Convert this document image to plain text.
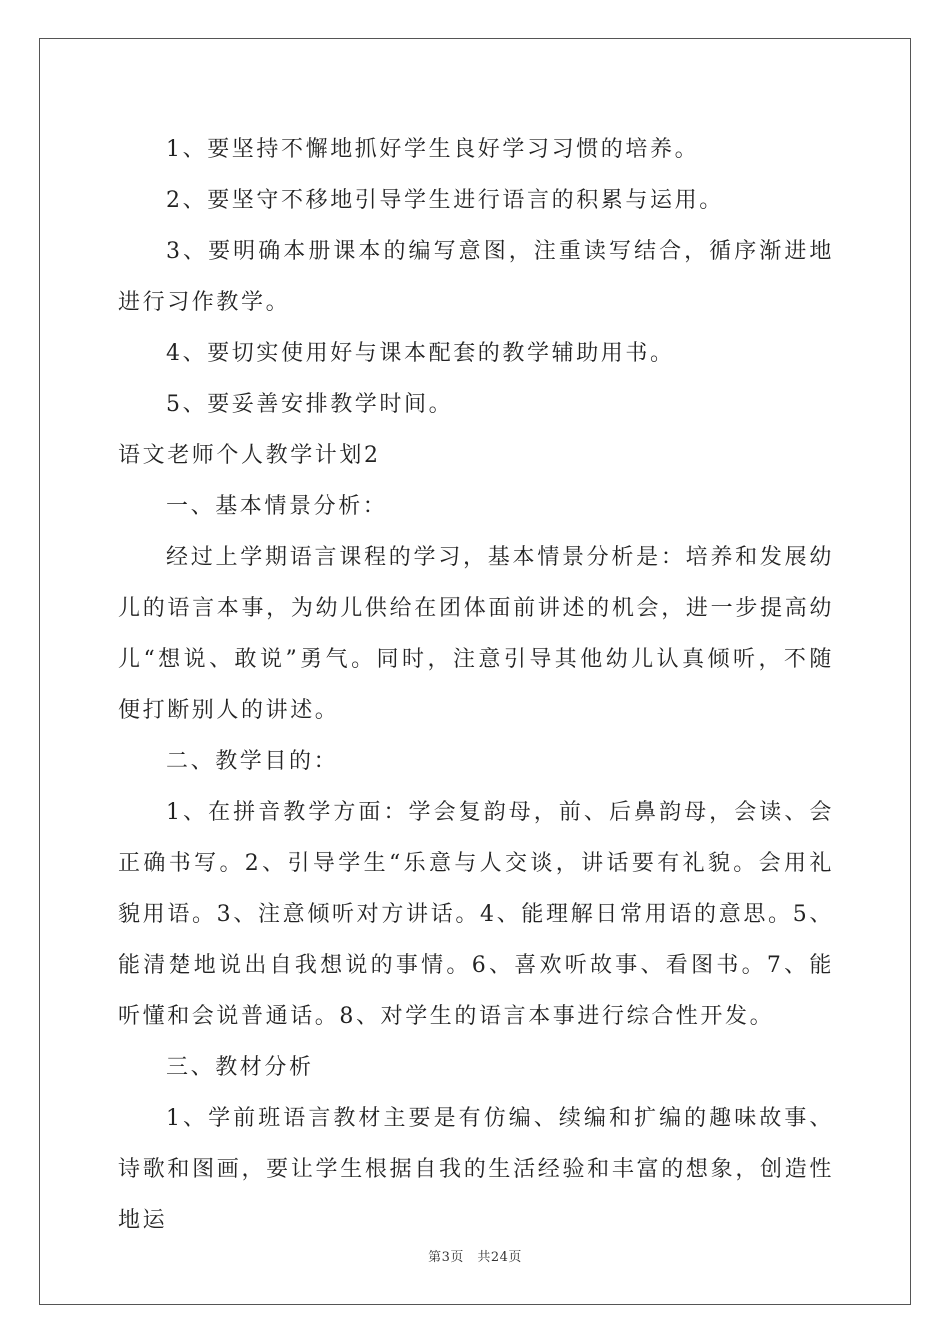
1、要坚持不懈地抓好学生良好学习习惯的培养。

2、要坚守不移地引导学生进行语言的积累与运用。

3、要明确本册课本的编写意图，注重读写结合，循序渐进地进行习作教学。

4、要切实使用好与课本配套的教学辅助用书。

5、要妥善安排教学时间。

语文老师个人教学计划2

一、基本情景分析：

经过上学期语言课程的学习，基本情景分析是：培养和发展幼儿的语言本事，为幼儿供给在团体面前讲述的机会，进一步提高幼儿“想说、敢说”勇气。同时，注意引导其他幼儿认真倾听，不随便打断别人的讲述。

二、教学目的：

1、在拼音教学方面：学会复韵母，前、后鼻韵母，会读、会正确书写。2、引导学生“乐意与人交谈，讲话要有礼貌。会用礼貌用语。3、注意倾听对方讲话。4、能理解日常用语的意思。5、能清楚地说出自我想说的事情。6、喜欢听故事、看图书。7、能听懂和会说普通话。8、对学生的语言本事进行综合性开发。

三、教材分析

1、学前班语言教材主要是有仿编、续编和扩编的趣味故事、诗歌和图画，要让学生根据自我的生活经验和丰富的想象，创造性地运

第3页　共24页
